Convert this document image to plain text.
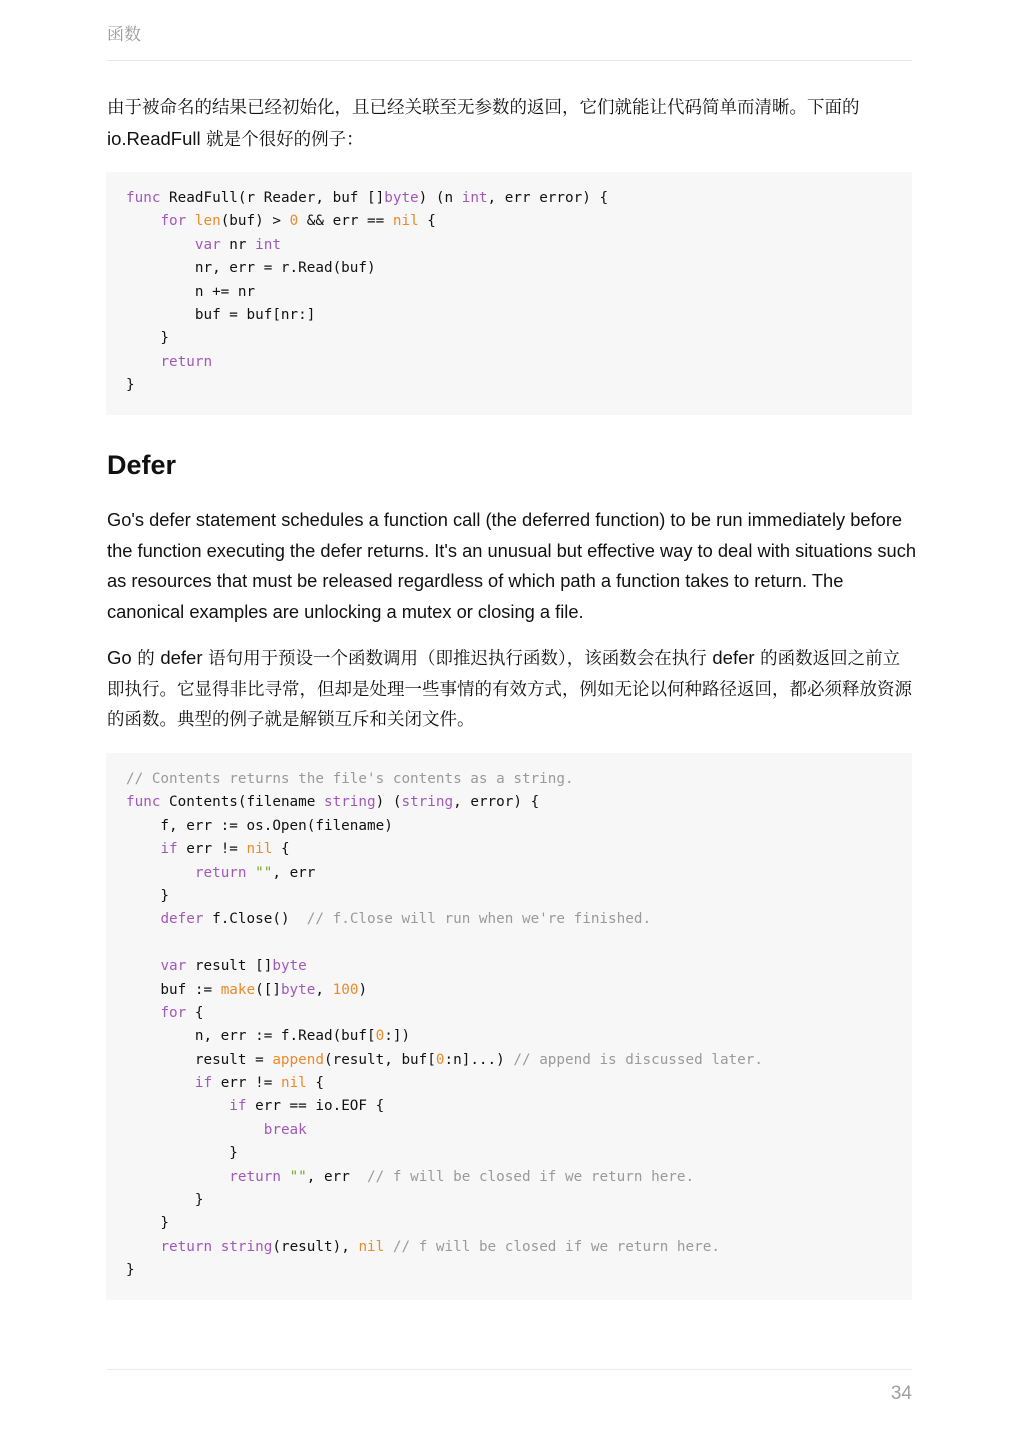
函数

由于被命名的结果已经初始化，且已经关联至无参数的返回，它们就能让代码简单而清晰。下面的 io.ReadFull 就是个很好的例子：

func ReadFull(r Reader, buf []byte) (n int, err error) {
for len(buf) > 0 && err == nil {
var nr int
nr, err = r.Read(buf)
n += nr
buf = buf[nr:]
}
return
}
Defer

Go's defer statement schedules a function call (the deferred function) to be run immediately before the function executing the defer returns. It's an unusual but effective way to deal with situations such as resources that must be released regardless of which path a function takes to return. The canonical examples are unlocking a mutex or closing a file.

Go 的 defer 语句用于预设一个函数调用（即推迟执行函数），该函数会在执行 defer 的函数返回之前立即执行。它显得非比寻常，但却是处理一些事情的有效方式，例如无论以何种路径返回，都必须释放资源的函数。典型的例子就是解锁互斥和关闭文件。

// Contents returns the file's contents as a string.
func Contents(filename string) (string, error) {
f, err := os.Open(filename)
if err != nil {
return "", err
}
defer f.Close()  // f.Close will run when we're finished.
var result []byte
buf := make([]byte, 100)
for {
n, err := f.Read(buf[0:])
result = append(result, buf[0:n]...) // append is discussed later.
if err != nil {
if err == io.EOF {
break
}
return "", err  // f will be closed if we return here.
}
}
return string(result), nil // f will be closed if we return here.
}
34
